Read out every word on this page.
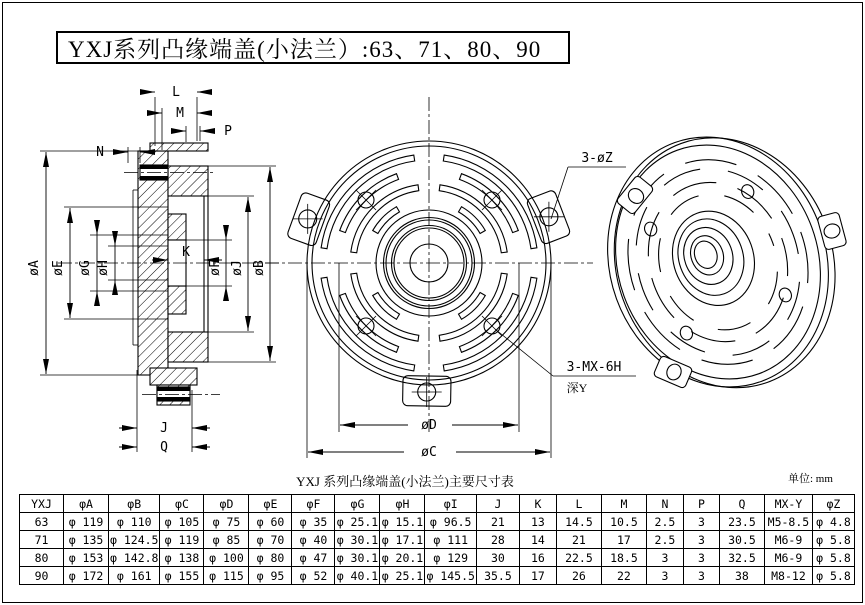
YXJ系列凸缘端盖(小法兰）:63、71、80、90
L
M
P
N
K
J
Q
øA øE øG øH	øF øJ øB
øD
øC
3-øZ
3-MX-6H
深Y
YXJ 系列凸缘端盖(小法兰)主要尺寸表	单位: mm
YXJ	φA	φB	φC	φD	φE	φF	φG	φH	φI	J	K	L	M	N	P	Q	MX-Y	φZ
63	φ 119	φ 110	φ 105	φ 75	φ 60	φ 35	φ 25.1	φ 15.1	φ 96.5	21	13	14.5	10.5	2.5	3	23.5	M5-8.5	φ 4.8
71	φ 135	φ 124.5	φ 119	φ 85	φ 70	φ 40	φ 30.1	φ 17.1	φ 111	28	14	21	17	2.5	3	30.5	M6-9	φ 5.8
80	φ 153	φ 142.8	φ 138	φ 100	φ 80	φ 47	φ 30.1	φ 20.1	φ 129	30	16	22.5	18.5	3	3	32.5	M6-9	φ 5.8
90	φ 172	φ 161	φ 155	φ 115	φ 95	φ 52	φ 40.1	φ 25.1	φ 145.5	35.5	17	26	22	3	3	38	M8-12	φ 5.8
